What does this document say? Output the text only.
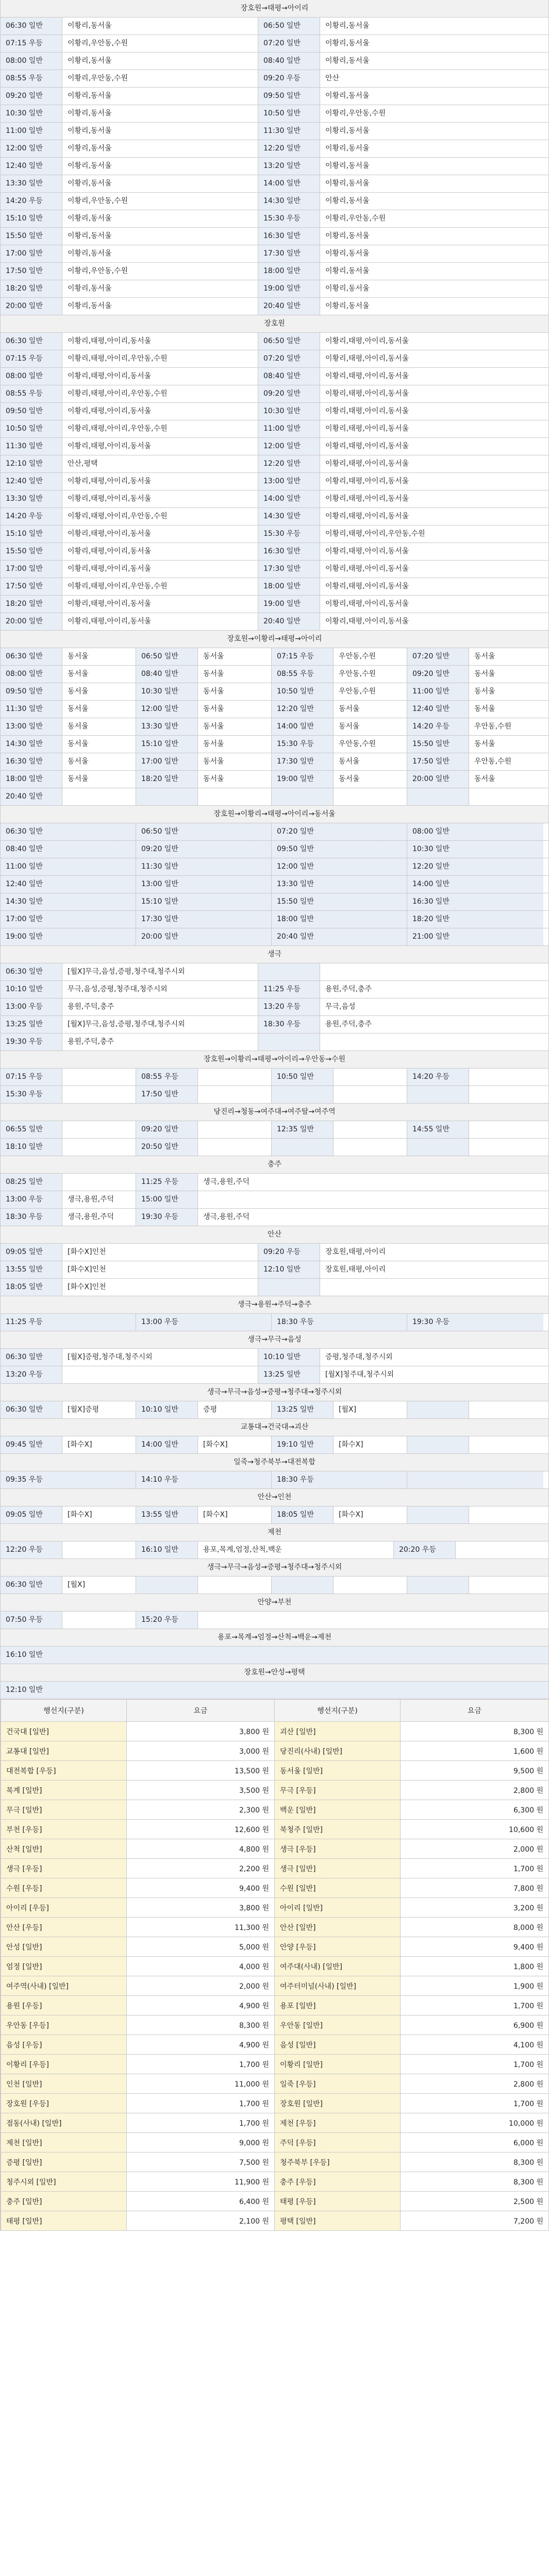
장호원→태평→아이리
06:30 일반	이황리,동서울	06:50 일반	이황리,동서울
07:15 우등	이황리,우안동,수원	07:20 일반	이황리,동서울
08:00 일반	이황리,동서울	08:40 일반	이황리,동서울
08:55 우등	이황리,우안동,수원	09:20 우등	안산
09:20 일반	이황리,동서울	09:50 일반	이황리,동서울
10:30 일반	이황리,동서울	10:50 일반	이황리,우안동,수원
11:00 일반	이황리,동서울	11:30 일반	이황리,동서울
12:00 일반	이황리,동서울	12:20 일반	이황리,동서울
12:40 일반	이황리,동서울	13:20 일반	이황리,동서울
13:30 일반	이황리,동서울	14:00 일반	이황리,동서울
14:20 우등	이황리,우안동,수원	14:30 일반	이황리,동서울
15:10 일반	이황리,동서울	15:30 우등	이황리,우안동,수원
15:50 일반	이황리,동서울	16:30 일반	이황리,동서울
17:00 일반	이황리,동서울	17:30 일반	이황리,동서울
17:50 일반	이황리,우안동,수원	18:00 일반	이황리,동서울
18:20 일반	이황리,동서울	19:00 일반	이황리,동서울
20:00 일반	이황리,동서울	20:40 일반	이황리,동서울
장호원
06:30 일반	이황리,태평,아이리,동서울	06:50 일반	이황리,태평,아이리,동서울
07:15 우등	이황리,태평,아이리,우안동,수원	07:20 일반	이황리,태평,아이리,동서울
08:00 일반	이황리,태평,아이리,동서울	08:40 일반	이황리,태평,아이리,동서울
08:55 우등	이황리,태평,아이리,우안동,수원	09:20 일반	이황리,태평,아이리,동서울
09:50 일반	이황리,태평,아이리,동서울	10:30 일반	이황리,태평,아이리,동서울
10:50 일반	이황리,태평,아이리,우안동,수원	11:00 일반	이황리,태평,아이리,동서울
11:30 일반	이황리,태평,아이리,동서울	12:00 일반	이황리,태평,아이리,동서울
12:10 일반	안산,평택	12:20 일반	이황리,태평,아이리,동서울
12:40 일반	이황리,태평,아이리,동서울	13:00 일반	이황리,태평,아이리,동서울
13:30 일반	이황리,태평,아이리,동서울	14:00 일반	이황리,태평,아이리,동서울
14:20 우등	이황리,태평,아이리,우안동,수원	14:30 일반	이황리,태평,아이리,동서울
15:10 일반	이황리,태평,아이리,동서울	15:30 우등	이황리,태평,아이리,우안동,수원
15:50 일반	이황리,태평,아이리,동서울	16:30 일반	이황리,태평,아이리,동서울
17:00 일반	이황리,태평,아이리,동서울	17:30 일반	이황리,태평,아이리,동서울
17:50 일반	이황리,태평,아이리,우안동,수원	18:00 일반	이황리,태평,아이리,동서울
18:20 일반	이황리,태평,아이리,동서울	19:00 일반	이황리,태평,아이리,동서울
20:00 일반	이황리,태평,아이리,동서울	20:40 일반	이황리,태평,아이리,동서울
장호원→이황리→태평→아이리
06:30 일반	동서울	06:50 일반	동서울	07:15 우등	우안동,수원	07:20 일반	동서울
08:00 일반	동서울	08:40 일반	동서울	08:55 우등	우안동,수원	09:20 일반	동서울
09:50 일반	동서울	10:30 일반	동서울	10:50 일반	우안동,수원	11:00 일반	동서울
11:30 일반	동서울	12:00 일반	동서울	12:20 일반	동서울	12:40 일반	동서울
13:00 일반	동서울	13:30 일반	동서울	14:00 일반	동서울	14:20 우등	우안동,수원
14:30 일반	동서울	15:10 일반	동서울	15:30 우등	우안동,수원	15:50 일반	동서울
16:30 일반	동서울	17:00 일반	동서울	17:30 일반	동서울	17:50 일반	우안동,수원
18:00 일반	동서울	18:20 일반	동서울	19:00 일반	동서울	20:00 일반	동서울
20:40 일반
장호원→이황리→태평→아이리→동서울
06:30 일반	06:50 일반	07:20 일반	08:00 일반
08:40 일반	09:20 일반	09:50 일반	10:30 일반
11:00 일반	11:30 일반	12:00 일반	12:20 일반
12:40 일반	13:00 일반	13:30 일반	14:00 일반
14:30 일반	15:10 일반	15:50 일반	16:30 일반
17:00 일반	17:30 일반	18:00 일반	18:20 일반
19:00 일반	20:00 일반	20:40 일반	21:00 일반
생극
06:30 일반	[월X]무극,음성,증평,청주대,청주시외
10:10 일반	무극,음성,증평,청주대,청주시외	11:25 우등	용원,주덕,충주
13:00 우등	용원,주덕,충주	13:20 우등	무극,음성
13:25 일반	[월X]무극,음성,증평,청주대,청주시외	18:30 우등	용원,주덕,충주
19:30 우등	용원,주덕,충주
장호원→이황리→태평→아이리→우안동→수원
07:15 우등	08:55 우등	10:50 일반	14:20 우등
15:30 우등	17:50 일반
당진리→청동→여주대→여주탈→여주역
06:55 일반	09:20 일반	12:35 일반	14:55 일반
18:10 일반	20:50 일반
충주
08:25 일반	11:25 우등	생극,용원,주덕
13:00 우등	생극,용원,주덕	15:00 일반
18:30 우등	생극,용원,주덕	19:30 우등	생극,용원,주덕
안산
09:05 일반	[화수X]인천	09:20 우등	장호원,태평,아이리
13:55 일반	[화수X]인천	12:10 일반	장호원,태평,아이리
18:05 일반	[화수X]인천
생극→용원→주덕→충주
11:25 우등	13:00 우등	18:30 우등	19:30 우등
생극→무극→음성
06:30 일반	[월X]증평,청주대,청주시외	10:10 일반	증평,청주대,청주시외
13:20 우등	13:25 일반	[월X]청주대,청주시외
생극→무극→음성→증평→청주대→청주시외
06:30 일반	[월X]증평	10:10 일반	증평	13:25 일반	[월X]
교통대→건국대→괴산
09:45 일반	[화수X]	14:00 일반	[화수X]	19:10 일반	[화수X]
일죽→청주북부→대전복합
09:35 우등	14:10 우등	18:30 우등
안산→인천
09:05 일반	[화수X]	13:55 일반	[화수X]	18:05 일반	[화수X]
제천
12:20 우등	16:10 일반	용포,목계,엄정,산척,백운	20:20 우등
생극→무극→음성→증평→청주대→청주시외
06:30 일반	[월X]
안양→부천
07:50 우등	15:20 우등
용포→목계→엄정→산척→백운→제천
16:10 일반
장호원→안성→평택
12:10 일반
행선지(구분)	요금	행선지(구분)	요금
건국대 [일반]	3,800 원	괴산 [일반]	8,300 원
교통대 [일반]	3,000 원	당진리(사내) [일반]	1,600 원
대전복합 [우등]	13,500 원	동서울 [일반]	9,500 원
목계 [일반]	3,500 원	무극 [우등]	2,800 원
무극 [일반]	2,300 원	백운 [일반]	6,300 원
부천 [우등]	12,600 원	북청주 [일반]	10,600 원
산척 [일반]	4,800 원	생극 [우등]	2,000 원
생극 [우등]	2,200 원	생극 [일반]	1,700 원
수원 [우등]	9,400 원	수원 [일반]	7,800 원
아이리 [우등]	3,800 원	아이리 [일반]	3,200 원
안산 [우등]	11,300 원	안산 [일반]	8,000 원
안성 [일반]	5,000 원	안양 [우등]	9,400 원
엄정 [일반]	4,000 원	여주대(사내) [일반]	1,800 원
여주역(사내) [일반]	2,000 원	여주터미널(사내) [일반]	1,900 원
용원 [우등]	4,900 원	용포 [일반]	1,700 원
우안동 [우등]	8,300 원	우안동 [일반]	6,900 원
음성 [우등]	4,900 원	음성 [일반]	4,100 원
이황리 [우등]	1,700 원	이황리 [일반]	1,700 원
인천 [일반]	11,000 원	일죽 [우등]	2,800 원
장호원 [우등]	1,700 원	장호원 [일반]	1,700 원
점동(사내) [일반]	1,700 원	제천 [우등]	10,000 원
제천 [일반]	9,000 원	주덕 [우등]	6,000 원
증평 [일반]	7,500 원	청주북부 [우등]	8,300 원
청주시외 [일반]	11,900 원	충주 [우등]	8,300 원
충주 [일반]	6,400 원	태평 [우등]	2,500 원
태평 [일반]	2,100 원	평택 [일반]	7,200 원
